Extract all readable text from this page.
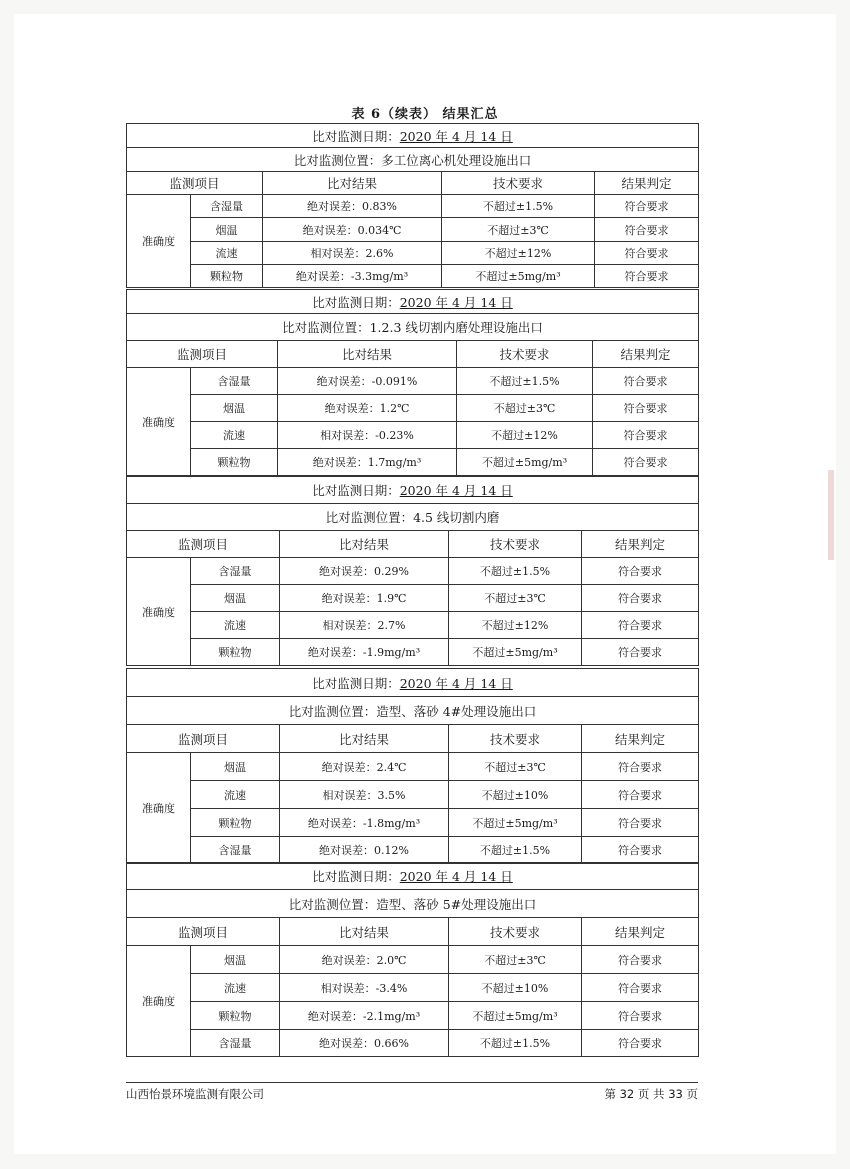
表 6（续表） 结果汇总
比对监测日期：2020 年 4 月 14 日				
比对监测位置：多工位离心机处理设施出口				
监测项目		比对结果	技术要求	结果判定
准确度	含湿量	绝对误差：0.83%	不超过±1.5%	符合要求
	烟温	绝对误差：0.034℃	不超过±3℃	符合要求
	流速	相对误差：2.6%	不超过±12%	符合要求
	颗粒物	绝对误差：-3.3mg/m³	不超过±5mg/m³	符合要求
比对监测日期：2020 年 4 月 14 日				
比对监测位置：1.2.3 线切割内磨处理设施出口				
监测项目		比对结果	技术要求	结果判定
准确度	含湿量	绝对误差：-0.091%	不超过±1.5%	符合要求
	烟温	绝对误差：1.2℃	不超过±3℃	符合要求
	流速	相对误差：-0.23%	不超过±12%	符合要求
	颗粒物	绝对误差：1.7mg/m³	不超过±5mg/m³	符合要求
比对监测日期：2020 年 4 月 14 日				
比对监测位置：4.5 线切割内磨				
监测项目		比对结果	技术要求	结果判定
准确度	含湿量	绝对误差：0.29%	不超过±1.5%	符合要求
	烟温	绝对误差：1.9℃	不超过±3℃	符合要求
	流速	相对误差：2.7%	不超过±12%	符合要求
	颗粒物	绝对误差：-1.9mg/m³	不超过±5mg/m³	符合要求
比对监测日期：2020 年 4 月 14 日				
比对监测位置：造型、落砂 4#处理设施出口				
监测项目		比对结果	技术要求	结果判定
准确度	烟温	绝对误差：2.4℃	不超过±3℃	符合要求
	流速	相对误差：3.5%	不超过±10%	符合要求
	颗粒物	绝对误差：-1.8mg/m³	不超过±5mg/m³	符合要求
	含湿量	绝对误差：0.12%	不超过±1.5%	符合要求
比对监测日期：2020 年 4 月 14 日				
比对监测位置：造型、落砂 5#处理设施出口				
监测项目		比对结果	技术要求	结果判定
准确度	烟温	绝对误差：2.0℃	不超过±3℃	符合要求
	流速	相对误差：-3.4%	不超过±10%	符合要求
	颗粒物	绝对误差：-2.1mg/m³	不超过±5mg/m³	符合要求
	含湿量	绝对误差：0.66%	不超过±1.5%	符合要求
山西怡景环境监测有限公司	第 32 页 共 33 页
